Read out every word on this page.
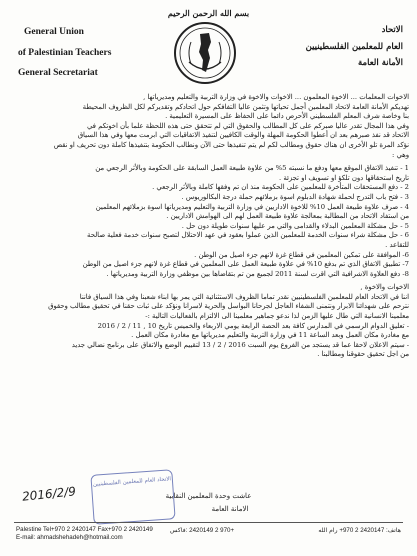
بسم الله الرحمن الرحيم
General Union
of Palestinian Teachers
General Secretariat
الاتحاد
العام للمعلمين الفلسطينيين
الأمانة العامة

الاخوات المعلمات ... الاخوة المعلمون ... الاخوات والاخوة في وزارة التربية والتعليم ومديرياتها ,

تهديكم الأمانة العامة لاتحاد المعلمين أجمل تحياتها وتثمن عاليا التفافكم حول اتحادكم وتقديركم لكل الظروف المحيطة

بنا وخاصة شرف المعلم الفلسطيني الأحرص دائما على الحفاظ على المسيرة التعليمية .

وفي هذا المجال تقدر عاليا صبركم على كل المطالب والحقوق التي لم تتحقق حتى هذه اللحظة علما بأن اخوتكم في

الاتحاد قد نفذ صبرهم بعد ان أعطوا الحكومة المهلة والوقت الكافيين لتنفيذ الاتفاقيات التي ابرمت معها وفي هذا السياق

نؤكد المرة تلو الأخرى ان هناك حقوق ومطالب لكم لم يتم تنفيذها حتى الآن ونطالب الحكومة بتنفيذها كاملة دون تحريف او نقص

وهي :

1 - تنفيذ الاتفاق الموقع معها ودفع ما نسبته 5% من علاوة طبيعة العمل السابقة على الحكومة وبالأثر الرجعي من

تاريخ استحقاقها دون تلكؤ او تسويف او تجزئة .

2 - دفع المستحقات المتأخرة للمعلمين على الحكومة منذ ان تم وفقها كاملة وبالأثر الرجعي .

3 - فتح باب التدرج لحملة شهادة الدبلوم اسوة بزملائهم حملة درجة البكالوريوس .

4 - صرف علاوة طبيعة العمل 10% للاخوة الاداريين في وزارة التربية والتعليم ومديرياتها اسوة بزملائهم المعلمين

من استفاد الاتحاد من المطالبة بمعالجة علاوة طبيعة العمل لهم الى الهوامش الاداريين .

5 - حل مشكلة المعلمين البدلاء والقدامى والتي مر عليها سنوات طويلة دون حل .

6 - حل مشكلة شراء سنوات الخدمة للمعلمين الذين عملوا بعقود في عهد الاحتلال لتصبح سنوات خدمة فعلية صالحة

للتقاعد .

6- الموافقة على تمكين المعلمين في قطاع غزة لانهم جزء اصيل من الوطن .

7- تطبيق الاتفاق الذي تم بدفع 10% في علاوة طبيعة العمل على المعلمين في قطاع غزة لانهم جزء اصيل من الوطن

8- دفع العلاوة الاشرافية التي اقرت لسنة 2011 لجميع من تم بتقاضاها بين موظفي وزارة التربية ومديرياتها .

الاخوات والاخوة ,

اننا في الاتحاد العام للمعلمين الفلسطينيين نقدر تماما الظروف الاستثنائية التي يمر بها ابناء شعبنا وفي هذا السياق فاننا

نترحم على شهدائنا الابرار ونتمنى الشفاء العاجل لجرحانا البواسل والحرية لاسرانا ونؤكد على ثبات حقنا في تحقيق مطالب وحقوق

معلمينا الانسانية التي طال عليها الزمن لذا ندعو جماهير معلمينا الى الالتزام بالفعاليات التالية :-

- تعليق الدوام الرسمي في المدارس كافة بعد الحصة الرابعة يومي الاربعاء والخميس تاريخ 10 , 11 / 2 / 2016

مع مغادرة مكان العمل وبعد الساعة 11 في وزارة التربية والتعليم مديرياتها مع مغادرة مكان العمل .

- سيتم الاعلان لاحقا عما قد يستجد من الفروع يوم السبت 2016 / 2 / 13 لتقييم الوضع والاتفاق على برنامج نضالي جديد

من اجل تحقيق حقوقنا ومطالبنا .

الاتحاد العام للمعلمين الفلسطينيين
2016/2/9	عاشت وحدة المعلمين النقابية
الامانة العامة
Palestine Tel+970 2 2420147 Fax+970 2 2420149
E-mail: ahmadshehadeh@hotmail.com
+970 2 2420149 :فاكس	هاتف: 2420147 2 970+ رام الله
